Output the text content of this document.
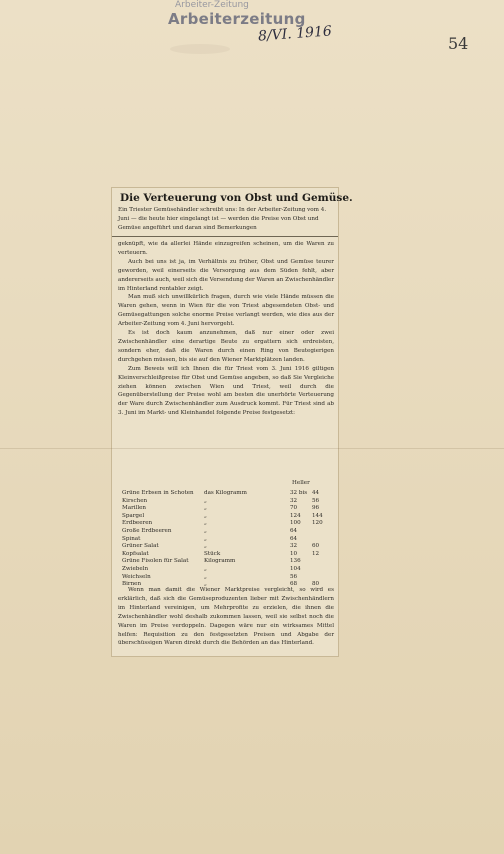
Arbeiter-Zeitung
Arbeiterzeitung
8/VI. 1916	54
Die Verteuerung von Obst und Gemüse.
Ein Triester Gemüsehändler schreibt uns: In der Arbeiter-Zeitung vom 4. Juni — die heute hier eingelangt ist — werden die Preise von Obst und Gemüse angeführt und daran sind Bemerkungen

geknüpft, wie da allerlei Hände einzugreifen scheinen, um die Waren zu verteuern.

Auch bei uns ist ja, im Verhältnis zu früher, Obst und Gemüse teurer geworden, weil einerseits die Versorgung aus dem Süden fehlt, aber andererseits auch, weil sich die Versendung der Waren an Zwischenhändler im Hinterland rentabler zeigt.

Man muß sich unwillkürlich fragen, durch wie viele Hände müssen die Waren gehen, wenn in Wien für die von Triest abgesendeten Obst- und Gemüsegattungen solche enorme Preise verlangt werden, wie dies aus der Arbeiter-Zeitung vom 4. Juni hervorgeht.

Es ist doch kaum anzunehmen, daß nur einer oder zwei Zwischenhändler eine derartige Beute zu ergattern sich erdreisten, sondern eher, daß die Waren durch einen Ring von Beutegierigen durchgehen müssen, bis sie auf den Wiener Marktplätzen landen.

Zum Beweis will ich Ihnen die für Triest vom 3. Juni 1916 giltigen Kleinverschleißpreise für Obst und Gemüse angeben, so daß Sie Vergleiche ziehen können zwischen Wien und Triest, weil durch die Gegenüberstellung der Preise wohl am besten die unerhörte Verteuerung der Ware durch Zwischenhändler zum Ausdruck kommt. Für Triest sind ab 3. Juni im Markt- und Kleinhandel folgende Preise festgesetzt:

Heller
Grüne Erbsen in Schoten das Kilogramm	32 bis 44
Kirschen	„	32	56
Marillen	„	70	96
Spargel	„	124 144
Erdbeeren	„	100 120
Große Erdbeeren	„	64
Spinat	„	64
Grüner Salat	„	32	60
Kopfsalat	Stück	10	12
Grüne Fisolen für Salat	Kilogramm	136
Zwiebeln	„	104
Weichseln	„	56
Birnen	„	68	80

Wenn man damit die Wiener Marktpreise vergleicht, so wird es erklärlich, daß sich die Gemüseproduzenten lieber mit Zwischenhändlern im Hinterland vereinigen, um Mehrprofite zu erzielen, die ihnen die Zwischenhändler wohl deshalb zukommen lassen, weil sie selbst noch die Waren im Preise verdoppeln. Dagegen wäre nur ein wirksames Mittel helfen: Requisition zu den festgesetzten Preisen und Abgabe der überschüssigen Waren direkt durch die Behörden an das Hinterland.
